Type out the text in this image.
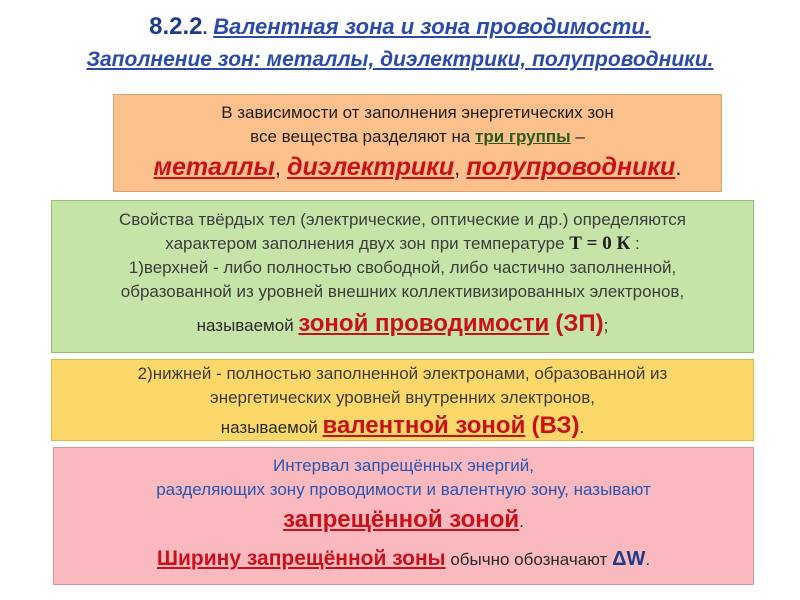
8.2.2. Валентная зона и зона проводимости.
Заполнение зон: металлы, диэлектрики, полупроводники.
В зависимости от заполнения энергетических зон
все вещества разделяют на три группы –
металлы, диэлектрики, полупроводники.
Свойства твёрдых тел (электрические, оптические и др.) определяются
характером заполнения двух зон при температуре Т = 0 К :
1)верхней - либо полностью свободной, либо частично заполненной,
образованной из уровней внешних коллективизированных электронов,
называемой зоной проводимости (ЗП);
2)нижней - полностью заполненной электронами, образованной из
энергетических уровней внутренних электронов,
называемой валентной зоной (ВЗ).
Интервал запрещённых энергий,
разделяющих зону проводимости и валентную зону, называют
запрещённой зоной.
Ширину запрещённой зоны обычно обозначают ΔW.
